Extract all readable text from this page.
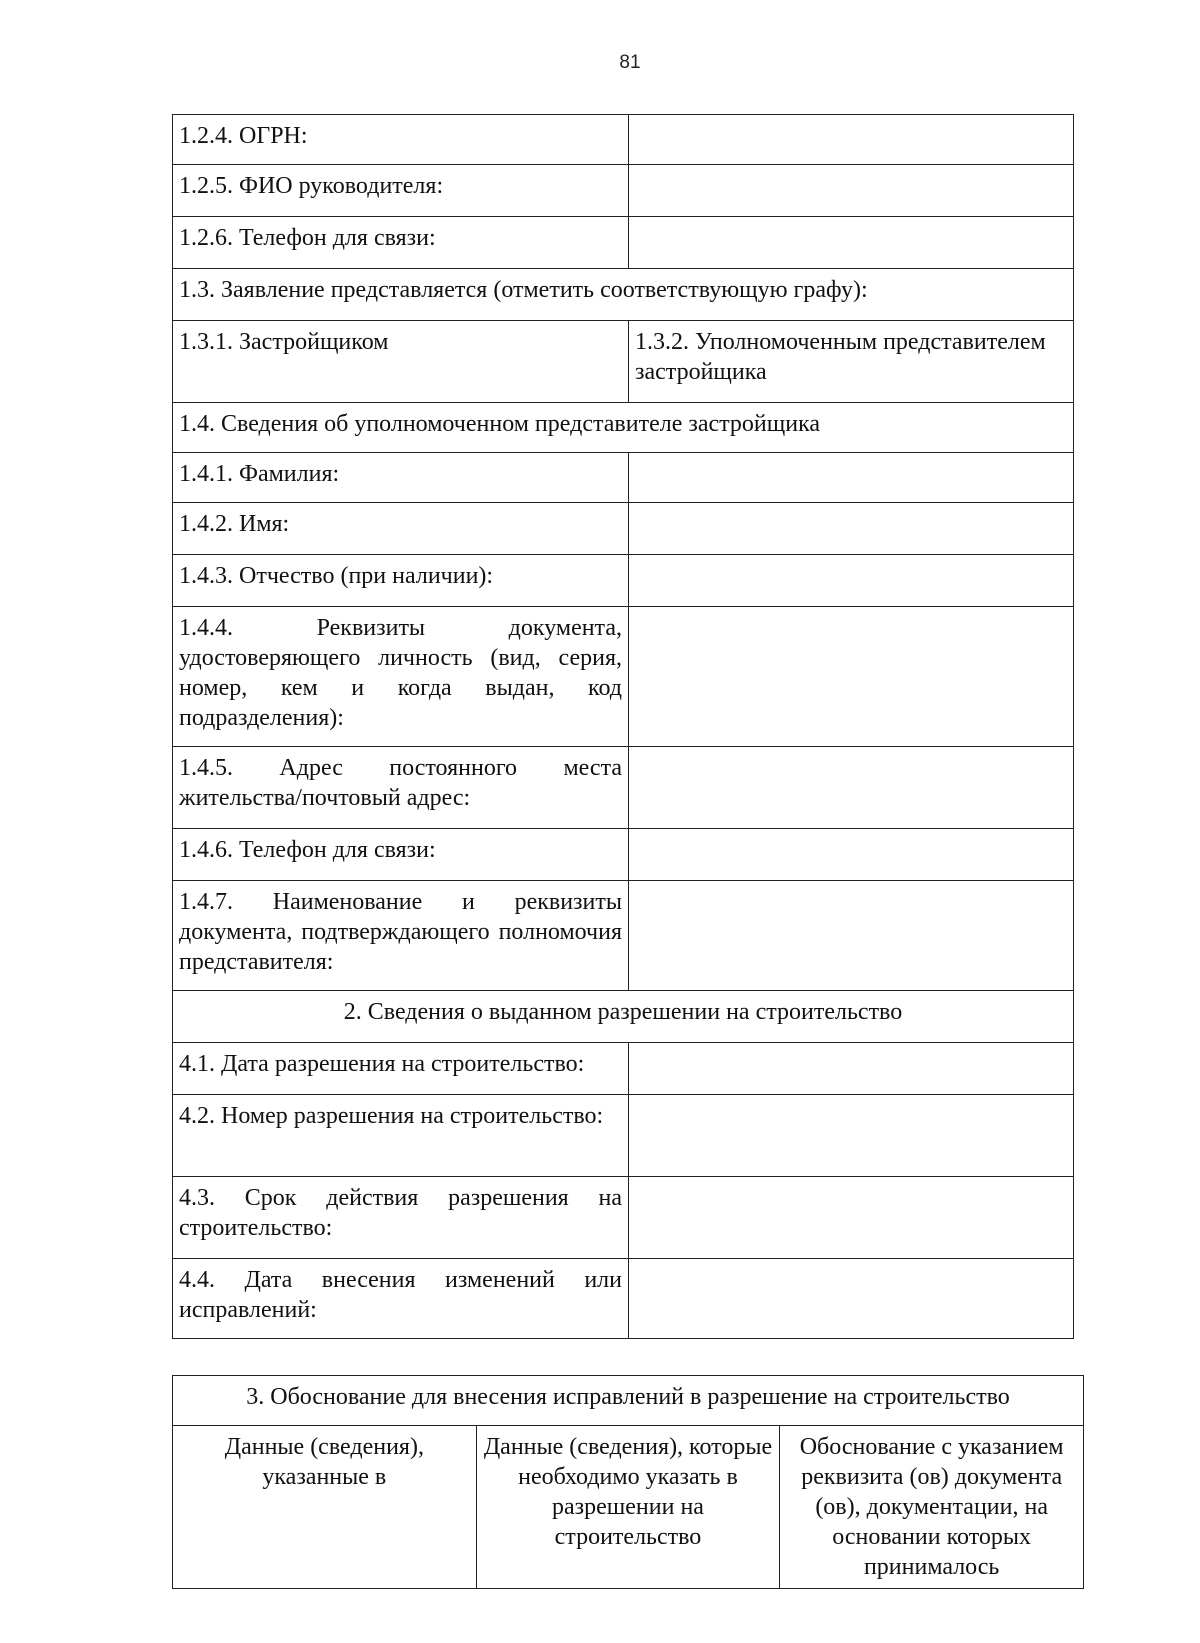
81
1.2.4. ОГРН:	
1.2.5. ФИО руководителя:	
1.2.6. Телефон для связи:	
1.3. Заявление представляется (отметить соответствующую графу):	
1.3.1. Застройщиком	1.3.2. Уполномоченным представителем застройщика
1.4. Сведения об уполномоченном представителе застройщика	
1.4.1. Фамилия:	
1.4.2. Имя:	
1.4.3. Отчество (при наличии):	
1.4.4. Реквизиты документа, удостоверяющего личность (вид, серия, номер, кем и когда выдан, код подразделения):	
1.4.5. Адрес постоянного места жительства/почтовый адрес:	
1.4.6. Телефон для связи:	
1.4.7. Наименование и реквизиты документа, подтверждающего полномочия представителя:	
2. Сведения о выданном разрешении на строительство	
4.1. Дата разрешения на строительство:	
4.2. Номер разрешения на строительство:	
4.3. Срок действия разрешения на строительство:	
4.4. Дата внесения изменений или исправлений:	
3. Обоснование для внесения исправлений в разрешение на строительство
Данные (сведения), указанные в	Данные (сведения), которые необходимо указать в разрешении на строительство	Обоснование с указанием реквизита (ов) документа (ов), документации, на основании которых принималось
